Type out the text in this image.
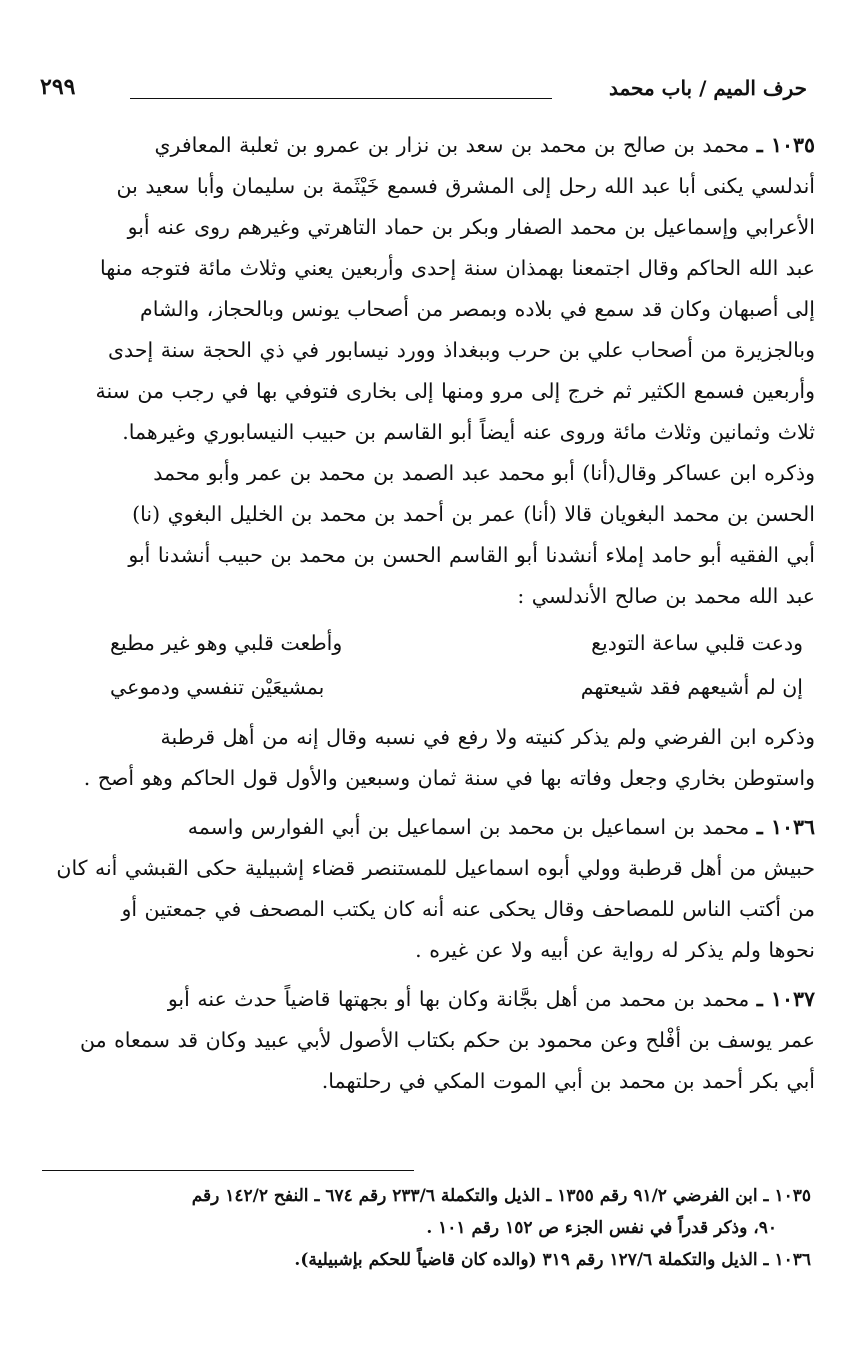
حرف الميم / باب محمد
٢٩٩

١٠٣٥ ـ محمد بن صالح بن محمد بن سعد بن نزار بن عمرو بن ثعلبة المعافري

أندلسي يكنى أبا عبد الله رحل إلى المشرق فسمع خَيْثَمة بن سليمان وأبا سعيد بن

الأعرابي وإسماعيل بن محمد الصفار وبكر بن حماد التاهرتي وغيرهم روى عنه أبو

عبد الله الحاكم وقال اجتمعنا بهمذان سنة إحدى وأربعين يعني وثلاث مائة فتوجه منها

إلى أصبهان وكان قد سمع في بلاده وبمصر من أصحاب يونس وبالحجاز، والشام

وبالجزيرة من أصحاب علي بن حرب وببغداذ وورد نيسابور في ذي الحجة سنة إحدى

وأربعين فسمع الكثير ثم خرج إلى مرو ومنها إلى بخارى فتوفي بها في رجب من سنة

ثلاث وثمانين وثلاث مائة وروى عنه أيضاً أبو القاسم بن حبيب النيسابوري وغيرهما.

وذكره ابن عساكر وقال(أنا) أبو محمد عبد الصمد بن محمد بن عمر وأبو محمد

الحسن بن محمد البغويان قالا (أنا) عمر بن أحمد بن محمد بن الخليل البغوي (نا)

أبي الفقيه أبو حامد إملاء أنشدنا أبو القاسم الحسن بن محمد بن حبيب أنشدنا أبو

عبد الله محمد بن صالح الأندلسي :

ودعت قلبي ساعة التوديع
وأطعت قلبي وهو غير مطيع
إن لم أشيعهم فقد شيعتهم
بمشيعَيْن تنفسي ودموعي

وذكره ابن الفرضي ولم يذكر كنيته ولا رفع في نسبه وقال إنه من أهل قرطبة

واستوطن بخاري وجعل وفاته بها في سنة ثمان وسبعين والأول قول الحاكم وهو أصح .

١٠٣٦ ـ محمد بن اسماعيل بن محمد بن اسماعيل بن أبي الفوارس واسمه

حبيش من أهل قرطبة وولي أبوه اسماعيل للمستنصر قضاء إشبيلية حكى القبشي أنه كان

من أكتب الناس للمصاحف وقال يحكى عنه أنه كان يكتب المصحف في جمعتين أو

نحوها ولم يذكر له رواية عن أبيه ولا عن غيره .

١٠٣٧ ـ محمد بن محمد من أهل بجَّانة وكان بها أو بجهتها قاضياً حدث عنه أبو

عمر يوسف بن أفْلح وعن محمود بن حكم بكتاب الأصول لأبي عبيد وكان قد سمعاه من

أبي بكر أحمد بن محمد بن أبي الموت المكي في رحلتهما.

١٠٣٥ ـ ابن الفرضي ٩١/٢ رقم ١٣٥٥ ـ الذيل والتكملة ٢٣٣/٦ رقم ٦٧٤ ـ النفح ١٤٢/٢ رقم
٩٠، وذكر قدراً في نفس الجزء ص ١٥٢ رقم ١٠١ .
١٠٣٦ ـ الذيل والتكملة ١٢٧/٦ رقم ٣١٩ (والده كان قاضياً للحكم بإشبيلية).
